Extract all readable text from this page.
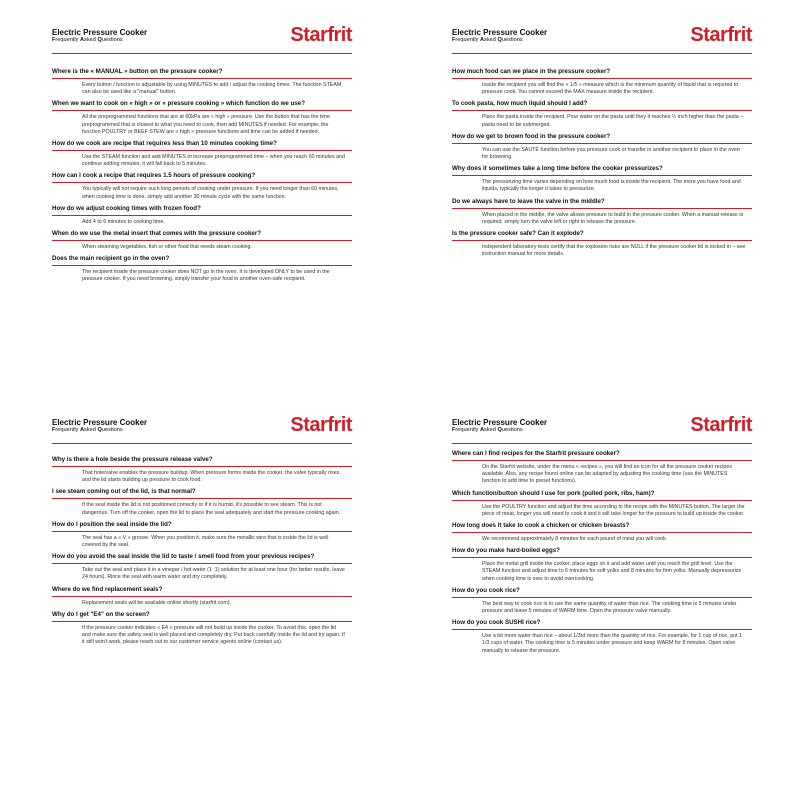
Electric Pressure Cooker
Frequently Asked Questions	Starfrit
Where is the « MANUAL » button on the pressure cooker?
Every button / function is adjustable by using MINUTES to add / adjust the cooking times. The function STEAM can also be used like a "manual" button.
When we want to cook on « high » or « pressure cooking » which function do we use?
All the preprogrammed functions that are at 60kPa are « high » pressure. Use the button that has the time preprogrammed that is closest to what you need to cook, then add MINUTES if needed. For example, the function POULTRY or BEEF STEW are « high » pressure functions and time can be added if needed.
How do we cook are recipe that requires less than 10 minutes cooking time?
Use the STEAM function and add MINUTES to increase preprogrammed time – when you reach 60 minutes and continue adding minutes, it will fall back to 5 minutes.
How can I cook a recipe that requires 1.5 hours of pressure cooking?
You typically will not require such long periods of cooking under pressure. If you need longer than 60 minutes, when cooking time is done, simply add another 30 minute cycle with the same function.
How do we adjust cooking times with frozen food?
Add 4 to 6 minutes to cooking time.
When do we use the metal insert that comes with the pressure cooker?
When steaming vegetables, fish or other food that needs steam cooking.
Does the main recipient go in the oven?
The recipient inside the pressure cooker does NOT go in the oven. It is developed ONLY to be used in the pressure cooker. If you need browning, simply transfer your food in another oven-safe recipient.
Electric Pressure Cooker
Frequently Asked Questions	Starfrit
How much food can we place in the pressure cooker?
Inside the recipient you will find the « 1/5 » measure which is the minimum quantity of liquid that is required to pressure cook. You cannot exceed the MAX measure inside the recipient.
To cook pasta, how much liquid should I add?
Place the pasta inside the recipient. Pour water on the pasta until they it reaches ½ inch higher than the pasta – pasta need to be submerged.
How do we get to brown food in the pressure cooker?
You can use the SAUTÉ function before you pressure cook or transfer in another recipient to place in the oven for browning.
Why does it sometimes take a long time before the cooker pressurizes?
The pressurizing time varies depending on how much food is inside the recipient. The more you have food and liquids, typically the longer it takes to pressurize.
Do we always have to leave the valve in the middle?
When placed in the middle, the valve allows pressure to build in the pressure cooker. When a manual release is required, simply turn the valve left or right to release the pressure.
Is the pressure cooker safe? Can it explode?
Independent laboratory tests certify that the explosion risks are NULL if the pressure cooker lid is locked in – see instruction manual for more details.
Electric Pressure Cooker
Frequently Asked Questions	Starfrit
Why is there a hole beside the pressure release valve?
That hole/valve enables the pressure buildup. When pressure forms inside the cooker, the valve typically rises, and the lid starts building up pressure to cook food.
I see steam coming out of the lid, is that normal?
If the seal inside the lid is not positioned correctly or if it is humid, it's possible to see steam. This is not dangerous. Turn off the cooker, open the lid to place the seal adequately and start the pressure cooking again.
How do I position the seal inside the lid?
The seal has a « V » groove. When you position it, make sure the metallic wire that is inside the lid is well covered by the seal.
How do you avoid the seal inside the lid to taste / smell food from your previous recipes?
Take out the seal and place it in a vinegar / hot water (1 :1) solution for at least one hour (for better results, leave 24 hours). Rince the seal with warm water and dry completely.
Where do we find replacement seals?
Replacement seals will be available online shortly (starfrit.com).
Why do I get "E4" on the screen?
If the pressure cooker indicates « E4 » pressure will not build up inside the cooker. To avoid this, open the lid and make sure the safety seal is well placed and completely dry. Put back carefully inside the lid and try again. If it still won't work, please reach out to our customer service agents online (contact us).
Electric Pressure Cooker
Frequently Asked Questions	Starfrit
Where can I find recipes for the Starfrit pressure cooker?
On the Starfrit website, under the menu « recipes », you will find an icon for all the pressure cooker recipes available. Also, any recipe found online can be adapted by adjusting the cooking time (use the MINUTES function to add time to preset functions).
Which function/button should I use for pork (pulled pork, ribs, ham)?
Use the POULTRY function and adjust the time according to the recipe with the MINUTES button. The larger the piece of meat, longer you will need to cook it and it will take longer for the pressure to build up inside the cooker.
How long does it take to cook a chicken or chicken breasts?
We recommend approximately 8 minutes for each pound of meat you will cook.
How do you make hard-boiled eggs?
Place the metal grill inside the cooker, place eggs on it and add water until you reach the grill level. Use the STEAM function and adjust time to 6 minutes for soft yolks and 8 minutes for firm yolks. Manually depressurize when cooking time is over to avoid overcooking.
How do you cook rice?
The best way to cook rice is to use the same quantity of water than rice. The cooking time is 5 minutes under pressure and leave 5 minutes of WARM time. Open the pressure valve manually.
How do you cook SUSHI rice?
Use a bit more water than rice – about 1/3rd more than the quantity of rice. For example, for 1 cup of rice, put 1 1/3 cups of water. The cooking time is 5 minutes under pressure and keep WARM for 8 minutes. Open valve manually to release the pressure.
